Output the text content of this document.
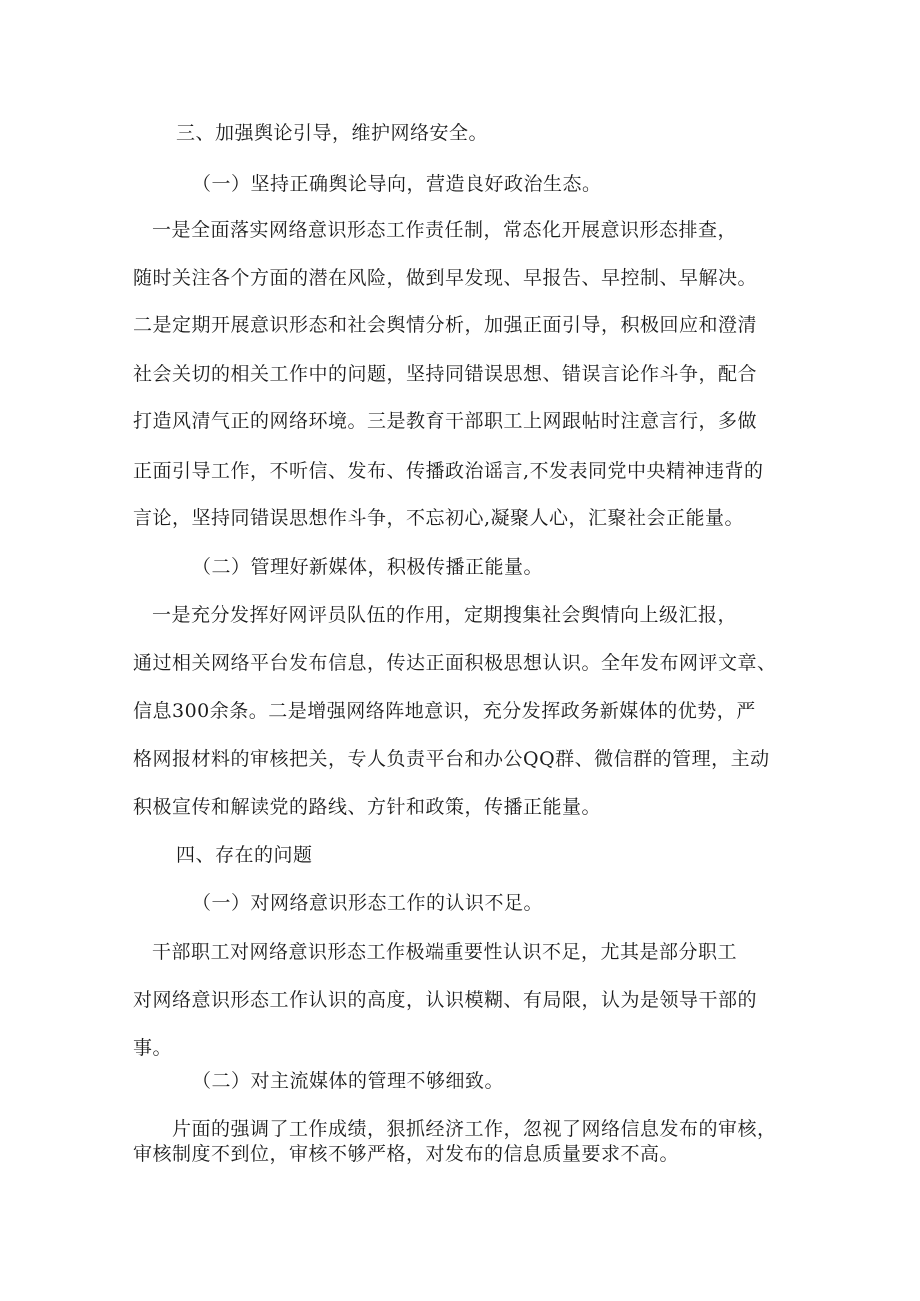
三、加强舆论引导，维护网络安全。
（一）坚持正确舆论导向，营造良好政治生态。
一是全面落实网络意识形态工作责任制，常态化开展意识形态排查，
随时关注各个方面的潜在风险，做到早发现、早报告、早控制、早解决。
二是定期开展意识形态和社会舆情分析，加强正面引导，积极回应和澄清
社会关切的相关工作中的问题，坚持同错误思想、错误言论作斗争，配合
打造风清气正的网络环境。三是教育干部职工上网跟帖时注意言行，多做
正面引导工作，不听信、发布、传播政治谣言,不发表同党中央精神违背的
言论，坚持同错误思想作斗争，不忘初心,凝聚人心，汇聚社会正能量。
（二）管理好新媒体，积极传播正能量。
一是充分发挥好网评员队伍的作用，定期搜集社会舆情向上级汇报，
通过相关网络平台发布信息，传达正面积极思想认识。全年发布网评文章、
信息300余条。二是增强网络阵地意识，充分发挥政务新媒体的优势，严
格网报材料的审核把关，专人负责平台和办公QQ群、微信群的管理，主动
积极宣传和解读党的路线、方针和政策，传播正能量。
四、存在的问题
（一）对网络意识形态工作的认识不足。
干部职工对网络意识形态工作极端重要性认识不足，尤其是部分职工
对网络意识形态工作认识的高度，认识模糊、有局限，认为是领导干部的
事。
（二）对主流媒体的管理不够细致。
片面的强调了工作成绩，狠抓经济工作，忽视了网络信息发布的审核，
审核制度不到位，审核不够严格，对发布的信息质量要求不高。
